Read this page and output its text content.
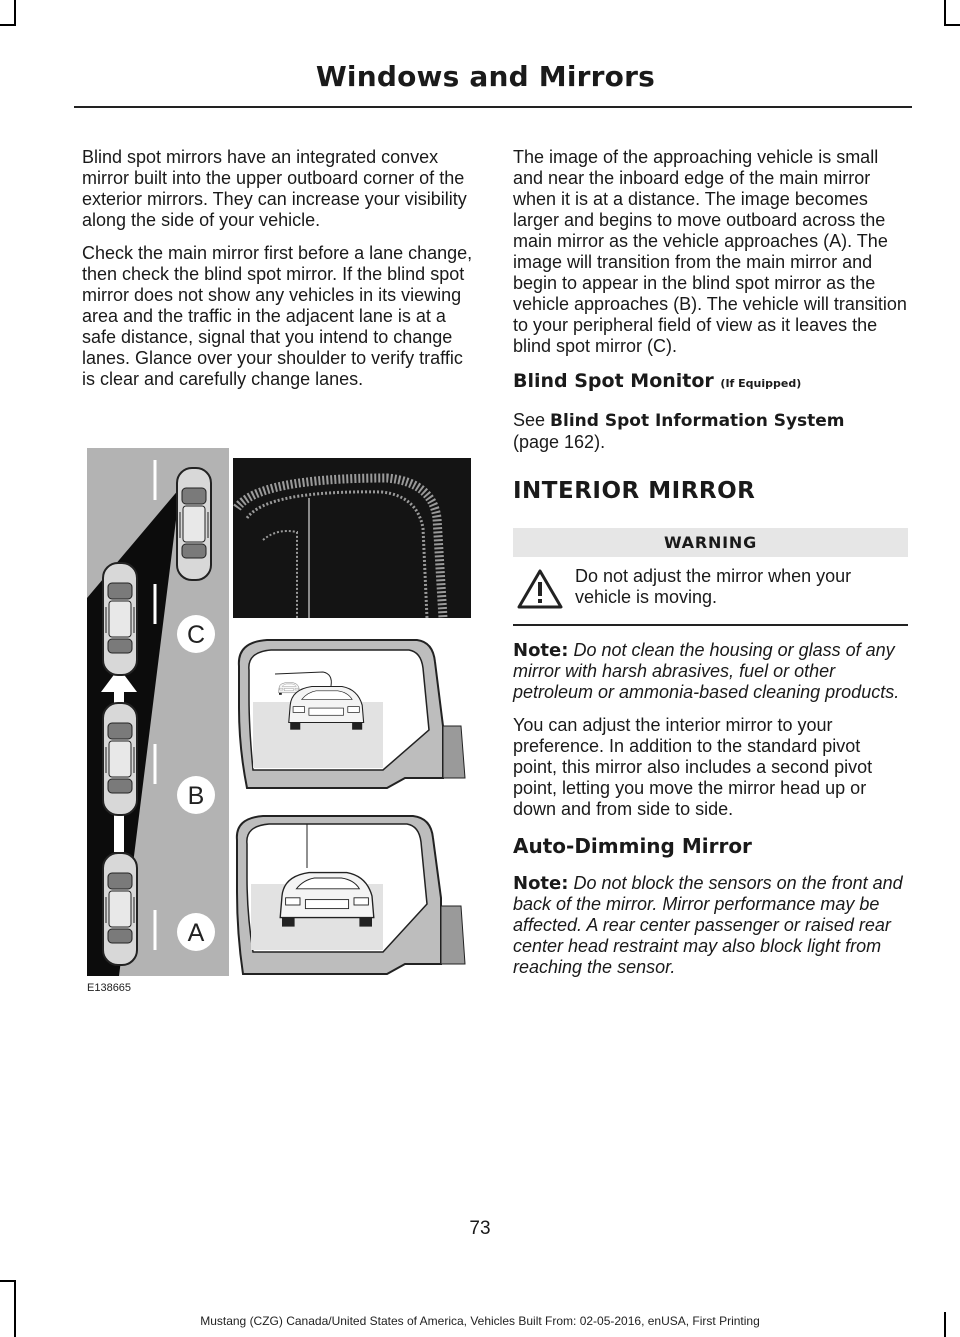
Windows and Mirrors

Blind spot mirrors have an integrated convex mirror built into the upper outboard corner of the exterior mirrors. They can increase your visibility along the side of your vehicle.

Check the main mirror first before a lane change, then check the blind spot mirror. If the blind spot mirror does not show any vehicles in its viewing area and the traffic in the adjacent lane is at a safe distance, signal that you intend to change lanes. Glance over your shoulder to verify traffic is clear and carefully change lanes.

C
B
A
E138665

The image of the approaching vehicle is small and near the inboard edge of the main mirror when it is at a distance. The image becomes larger and begins to move outboard across the main mirror as the vehicle approaches (A). The image will transition from the main mirror and begin to appear in the blind spot mirror as the vehicle approaches (B). The vehicle will transition to your peripheral field of view as it leaves the blind spot mirror (C).

Blind Spot Monitor (If Equipped)

See Blind Spot Information System
(page 162).

INTERIOR MIRROR
WARNING
Do not adjust the mirror when your vehicle is moving.

Note: Do not clean the housing or glass of any mirror with harsh abrasives, fuel or other petroleum or ammonia-based cleaning products.

You can adjust the interior mirror to your preference. In addition to the standard pivot point, this mirror also includes a second pivot point, letting you move the mirror head up or down and from side to side.

Auto-Dimming Mirror

Note: Do not block the sensors on the front and back of the mirror. Mirror performance may be affected. A rear center passenger or raised rear center head restraint may also block light from reaching the sensor.

73
Mustang (CZG) Canada/United States of America, Vehicles Built From: 02-05-2016, enUSA, First Printing
